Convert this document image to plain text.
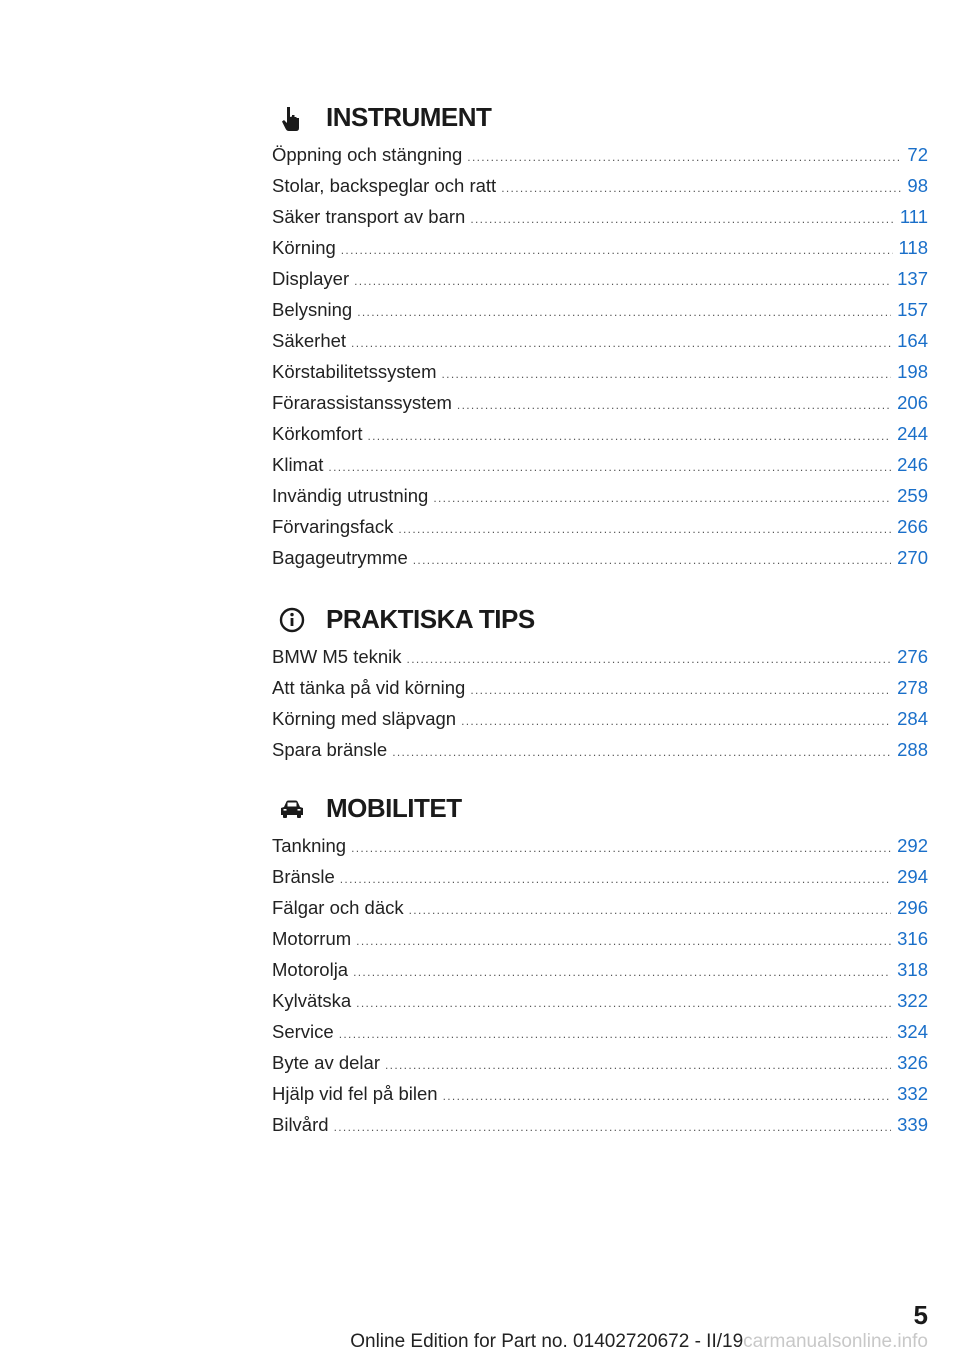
INSTRUMENT
Öppning och stängning . . .	72
Stolar, backspeglar och ratt . . .	98
Säker transport av barn . . .	111
Körning . . .	118
Displayer . . .	137
Belysning . . .	157
Säkerhet . . .	164
Körstabilitetssystem . . .	198
Förarassistanssystem . . .	206
Körkomfort . . .	244
Klimat . . .	246
Invändig utrustning . . .	259
Förvaringsfack . . .	266
Bagageutrymme . . .	270
PRAKTISKA TIPS
BMW M5 teknik . . .	276
Att tänka på vid körning . . .	278
Körning med släpvagn . . .	284
Spara bränsle . . .	288
MOBILITET
Tankning . . .	292
Bränsle . . .	294
Fälgar och däck . . .	296
Motorrum . . .	316
Motorolja . . .	318
Kylvätska . . .	322
Service . . .	324
Byte av delar . . .	326
Hjälp vid fel på bilen . . .	332
Bilvård . . .	339
5
Online Edition for Part no. 01402720672 - II/19carmanualsonline.info
